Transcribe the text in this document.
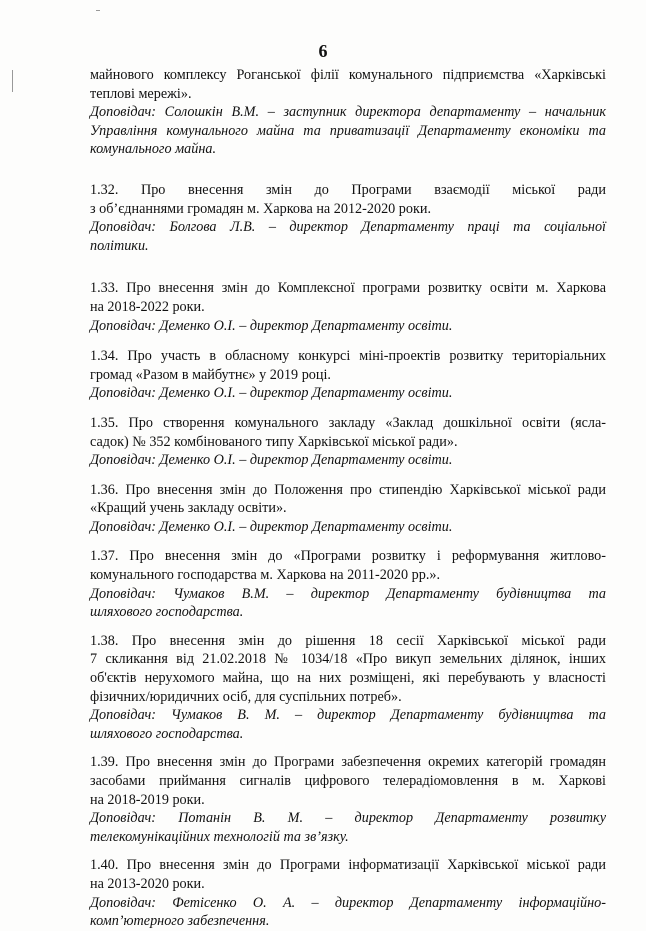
6

майнового комплексу Роганської філії комунального підприємства «Харківські

теплові мережі».

Доповідач: Солошкін В.М. – заступник директора департаменту – начальник

Управління комунального майна та приватизації Департаменту економіки та

комунального майна.

1.32. Про внесення змін до Програми взаємодії міської ради

з об’єднаннями громадян м. Харкова на 2012-2020 роки.

Доповідач: Болгова Л.В. – директор Департаменту праці та соціальної

політики.

1.33. Про внесення змін до Комплексної програми розвитку освіти м. Харкова

на 2018-2022 роки.

Доповідач: Деменко О.І. – директор Департаменту освіти.

1.34. Про участь в обласному конкурсі міні-проектів розвитку територіальних

громад «Разом в майбутнє» у 2019 році.

Доповідач: Деменко О.І. – директор Департаменту освіти.

1.35. Про створення комунального закладу «Заклад дошкільної освіти (ясла-

садок) № 352 комбінованого типу Харківської міської ради».

Доповідач: Деменко О.І. – директор Департаменту освіти.

1.36. Про внесення змін до Положення про стипендію Харківської міської ради

«Кращий учень закладу освіти».

Доповідач: Деменко О.І. – директор Департаменту освіти.

1.37. Про внесення змін до «Програми розвитку і реформування житлово-

комунального господарства м. Харкова на 2011-2020 рр.».

Доповідач: Чумаков В.М. – директор Департаменту будівництва та

шляхового господарства.

1.38. Про внесення змін до рішення 18 сесії Харківської міської ради

7 скликання від 21.02.2018 № 1034/18 «Про викуп земельних ділянок, інших

об'єктів нерухомого майна, що на них розміщені, які перебувають у власності

фізичних/юридичних осіб, для суспільних потреб».

Доповідач: Чумаков В. М. – директор Департаменту будівництва та

шляхового господарства.

1.39. Про внесення змін до Програми забезпечення окремих категорій громадян

засобами приймання сигналів цифрового телерадіомовлення в м. Харкові

на 2018-2019 роки.

Доповідач: Потанін В. М. – директор Департаменту розвитку

телекомунікаційних технологій та зв’язку.

1.40. Про внесення змін до Програми інформатизації Харківської міської ради

на 2013-2020 роки.

Доповідач: Фетісенко О. А. – директор Департаменту інформаційно-

комп’ютерного забезпечення.
